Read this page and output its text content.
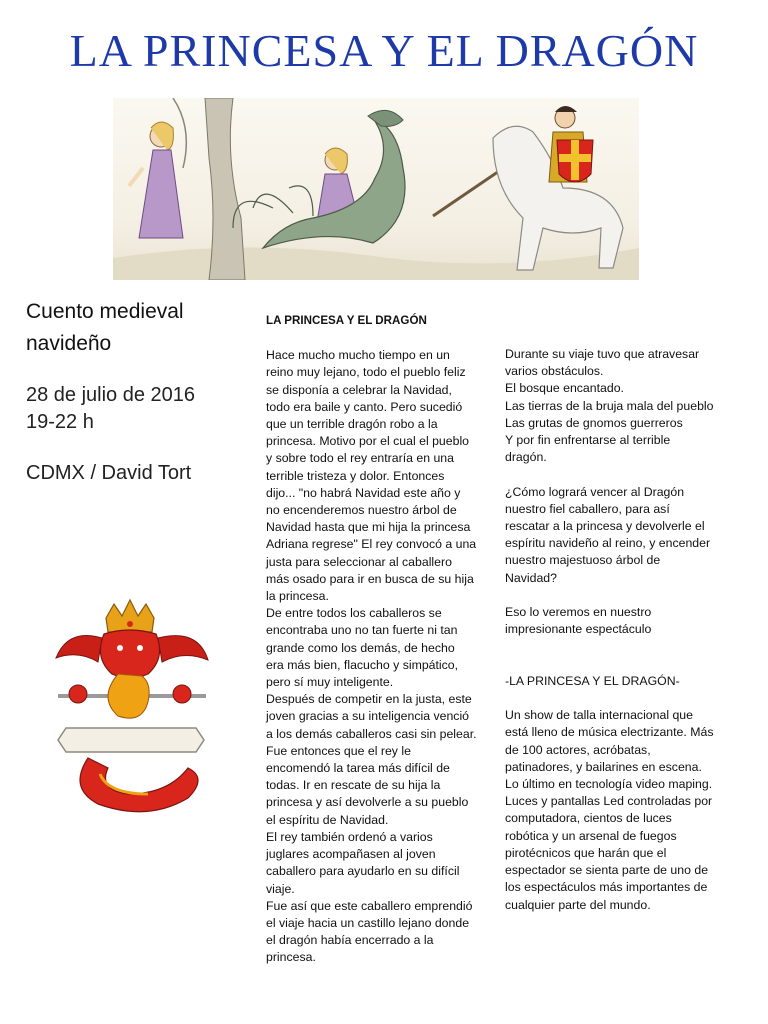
LA PRINCESA Y EL DRAGÓN

Cuento medieval navideño

28 de julio de 2016

19-22 h

CDMX / David Tort

LA PRINCESA Y EL DRAGÓN

Hace mucho mucho tiempo en un
reino muy lejano, todo el pueblo feliz
se disponía a celebrar la Navidad,
todo era baile y canto. Pero sucedió
que un terrible dragón robo a la
princesa. Motivo por el cual el pueblo
y sobre todo el rey entraría en una
terrible tristeza y dolor. Entonces
dijo... "no habrá Navidad este año y
no encenderemos nuestro árbol de
Navidad hasta que mi hija la princesa
Adriana regrese" El rey convocó a una
justa para seleccionar al caballero
más osado para ir en busca de su hija
la princesa.
De entre todos los caballeros se
encontraba uno no tan fuerte ni tan
grande como los demás, de hecho
era más bien, flacucho y simpático,
pero sí muy inteligente.
Después de competir en la justa, este
joven gracias a su inteligencia venció
a los demás caballeros casi sin pelear.
Fue entonces que el rey le
encomendó la tarea más difícil de
todas. Ir en rescate de su hija la
princesa y así devolverle a su pueblo
el espíritu de Navidad.
El rey también ordenó a varios
juglares acompañasen al joven
caballero para ayudarlo en su difícil
viaje.
Fue así que este caballero emprendió
el viaje hacia un castillo lejano donde
el dragón había encerrado a la
princesa.
Durante su viaje tuvo que atravesar
varios obstáculos.
El bosque encantado.
Las tierras de la bruja mala del pueblo
Las grutas de gnomos guerreros
Y por fin enfrentarse al terrible
dragón.

¿Cómo logrará vencer al Dragón
nuestro fiel caballero, para así
rescatar a la princesa y devolverle el
espíritu navideño al reino, y encender
nuestro majestuoso árbol de
Navidad?

Eso lo veremos en nuestro
impresionante espectáculo

-LA PRINCESA Y EL DRAGÓN-

Un show de talla internacional que
está lleno de música electrizante. Más
de 100 actores, acróbatas,
patinadores, y bailarines en escena.
Lo último en tecnología video maping.
Luces y pantallas Led controladas por
computadora, cientos de luces
robótica y un arsenal de fuegos
pirotécnicos que harán que el
espectador se sienta parte de uno de
los espectáculos más importantes de
cualquier parte del mundo.
